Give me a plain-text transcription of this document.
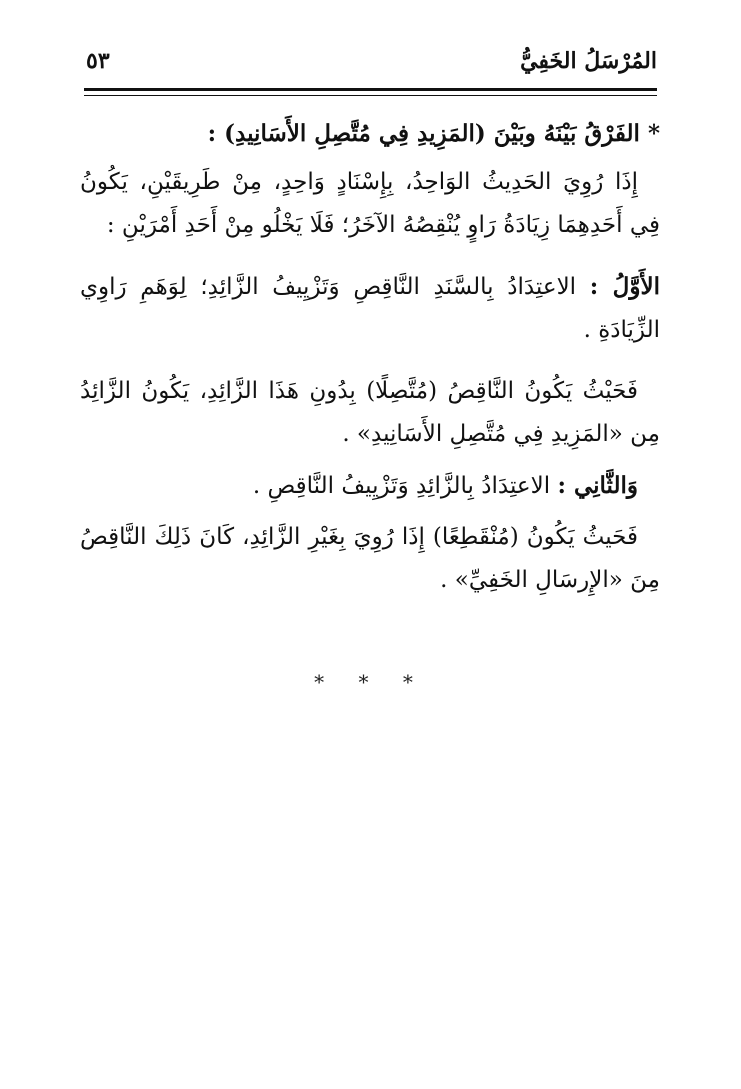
المُرْسَلُ الخَفِيُّ
٥٣

* الفَرْقُ بَيْنَهُ وبَيْنَ (المَزِيدِ فِي مُتَّصِلِ الأَسَانِيدِ) :

إِذَا رُوِيَ الحَدِيثُ الوَاحِدُ، بِإِسْنَادٍ وَاحِدٍ، مِنْ طَرِيقَيْنِ، يَكُونُ فِي أَحَدِهِمَا زِيَادَةُ رَاوٍ يُنْقِصُهُ الآخَرُ؛ فَلَا يَخْلُو مِنْ أَحَدِ أَمْرَيْنِ :

الأَوَّلُ : الاعتِدَادُ بِالسَّنَدِ النَّاقِصِ وَتَزْيِيفُ الزَّائِدِ؛ لِوَهَمِ رَاوِي الزِّيَادَةِ .

فَحَيْثُ يَكُونُ النَّاقِصُ (مُتَّصِلًا) بِدُونِ هَذَا الزَّائِدِ، يَكُونُ الزَّائِدُ مِن «المَزِيدِ فِي مُتَّصِلِ الأَسَانِيدِ» .

وَالثَّانِي : الاعتِدَادُ بِالزَّائِدِ وَتَزْيِيفُ النَّاقِصِ .

فَحَيثُ يَكُونُ (مُنْقَطِعًا) إِذَا رُوِيَ بِغَيْرِ الزَّائِدِ، كَانَ ذَلِكَ النَّاقِصُ مِنَ «الإِرسَالِ الخَفِيِّ» .

* * *
